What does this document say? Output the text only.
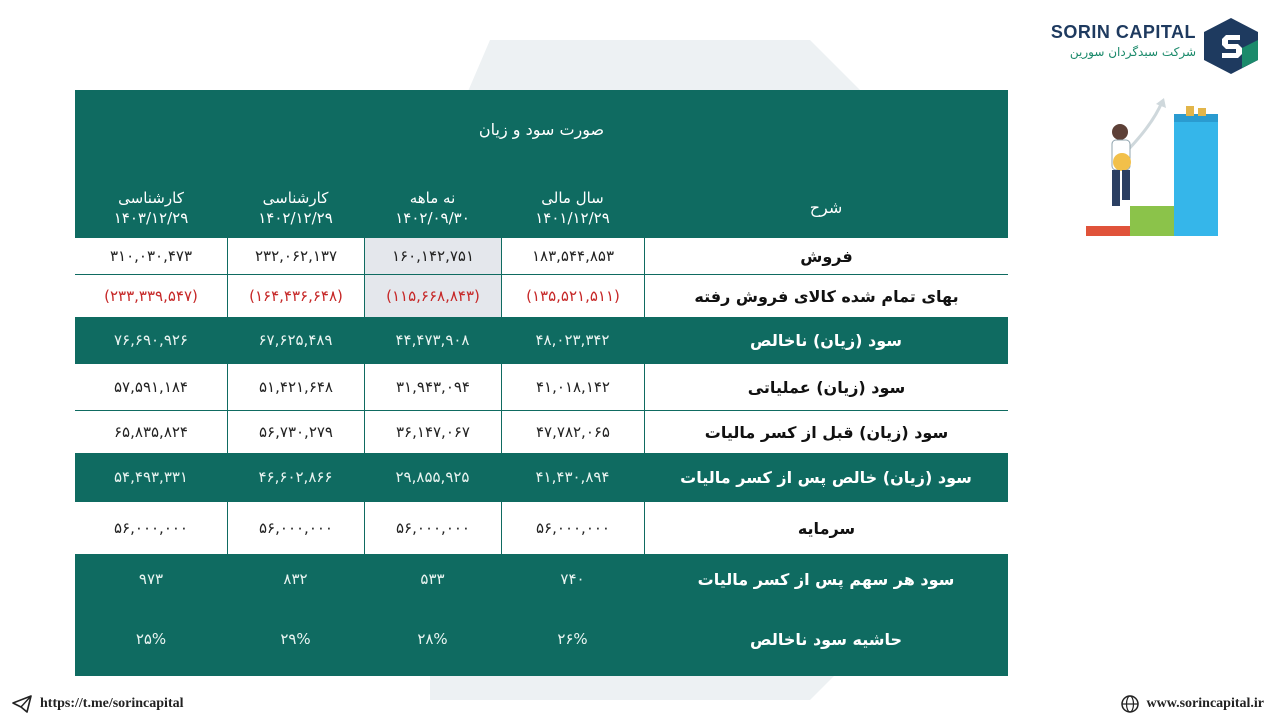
SORIN CAPITAL
شرکت سبدگردان سورین
صورت سود و زیان
کارشناسی
۱۴۰۳/۱۲/۲۹
کارشناسی
۱۴۰۲/۱۲/۲۹
نه ماهه
۱۴۰۲/۰۹/۳۰
سال مالی
۱۴۰۱/۱۲/۲۹
شرح
فروش
۱۸۳,۵۴۴,۸۵۳
۱۶۰,۱۴۲,۷۵۱
۲۳۲,۰۶۲,۱۳۷
۳۱۰,۰۳۰,۴۷۳
بهای تمام شده کالای فروش رفته
(۱۳۵,۵۲۱,۵۱۱)
(۱۱۵,۶۶۸,۸۴۳)
(۱۶۴,۴۳۶,۶۴۸)
(۲۳۳,۳۳۹,۵۴۷)
سود (زیان) ناخالص
۴۸,۰۲۳,۳۴۲
۴۴,۴۷۳,۹۰۸
۶۷,۶۲۵,۴۸۹
۷۶,۶۹۰,۹۲۶
سود (زیان) عملیاتی
۴۱,۰۱۸,۱۴۲
۳۱,۹۴۳,۰۹۴
۵۱,۴۲۱,۶۴۸
۵۷,۵۹۱,۱۸۴
سود (زیان) قبل از کسر مالیات
۴۷,۷۸۲,۰۶۵
۳۶,۱۴۷,۰۶۷
۵۶,۷۳۰,۲۷۹
۶۵,۸۳۵,۸۲۴
سود (زیان) خالص پس از کسر مالیات
۴۱,۴۳۰,۸۹۴
۲۹,۸۵۵,۹۲۵
۴۶,۶۰۲,۸۶۶
۵۴,۴۹۳,۳۳۱
سرمایه
۵۶,۰۰۰,۰۰۰
۵۶,۰۰۰,۰۰۰
۵۶,۰۰۰,۰۰۰
۵۶,۰۰۰,۰۰۰
سود هر سهم پس از کسر مالیات
۷۴۰
۵۳۳
۸۳۲
۹۷۳
حاشیه سود ناخالص
۲۶%
۲۸%
۲۹%
۲۵%
https://t.me/sorincapital	www.sorincapital.ir
